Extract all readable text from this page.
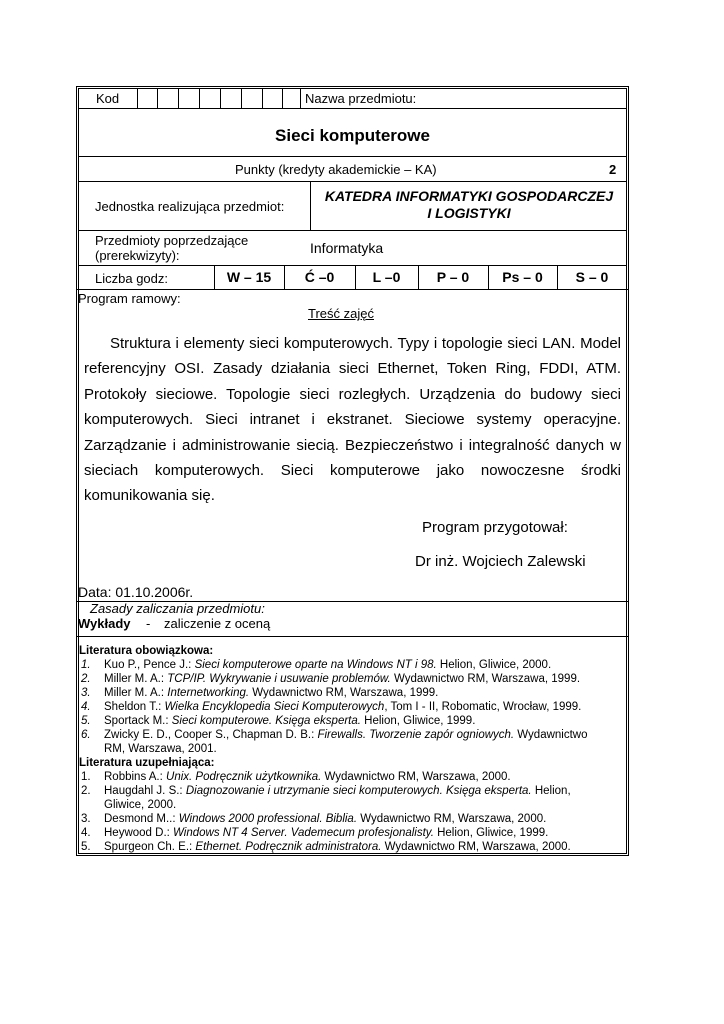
Kod	Nazwa przedmiotu:
Sieci komputerowe
Punkty (kredyty akademickie – KA)	2
Jednostka realizująca przedmiot:
KATEDRA INFORMATYKI GOSPODARCZEJ
I LOGISTYKI
Przedmioty poprzedzające
(prerekwizyty):	Informatyka
Liczba godz:	W – 15	Ć –0	L –0	P – 0	Ps – 0	S – 0
Program ramowy:
Treść zajęć
Struktura i elementy sieci komputerowych. Typy i topologie sieci LAN. Model referencyjny OSI. Zasady działania sieci Ethernet, Token Ring, FDDI, ATM. Protokoły sieciowe. Topologie sieci rozległych. Urządzenia do budowy sieci komputerowych. Sieci intranet i ekstranet. Sieciowe systemy operacyjne. Zarządzanie i administrowanie siecią. Bezpieczeństwo i integralność danych w sieciach komputerowych. Sieci komputerowe jako nowoczesne środki komunikowania się.
Program przygotował:
Dr inż. Wojciech Zalewski
Data: 01.10.2006r.
Zasady zaliczania przedmiotu:
Wykłady - zaliczenie z oceną
Literatura obowiązkowa:
1. Kuo P., Pence J.: Sieci komputerowe oparte na Windows NT i 98. Helion, Gliwice, 2000.
2. Miller M. A.: TCP/IP. Wykrywanie i usuwanie problemów. Wydawnictwo RM, Warszawa, 1999.
3. Miller M. A.: Internetworking. Wydawnictwo RM, Warszawa, 1999.
4. Sheldon T.: Wielka Encyklopedia Sieci Komputerowych, Tom I - II, Robomatic, Wrocław, 1999.
5. Sportack M.: Sieci komputerowe. Księga eksperta. Helion, Gliwice, 1999.
6. Zwicky E. D., Cooper S., Chapman D. B.: Firewalls. Tworzenie zapór ogniowych. Wydawnictwo
RM, Warszawa, 2001.
Literatura uzupełniająca:
1. Robbins A.: Unix. Podręcznik użytkownika. Wydawnictwo RM, Warszawa, 2000.
2. Haugdahl J. S.: Diagnozowanie i utrzymanie sieci komputerowych. Księga eksperta. Helion,
Gliwice, 2000.
3. Desmond M..: Windows 2000 professional. Biblia. Wydawnictwo RM, Warszawa, 2000.
4. Heywood D.: Windows NT 4 Server. Vademecum profesjonalisty. Helion, Gliwice, 1999.
5. Spurgeon Ch. E.: Ethernet. Podręcznik administratora. Wydawnictwo RM, Warszawa, 2000.
